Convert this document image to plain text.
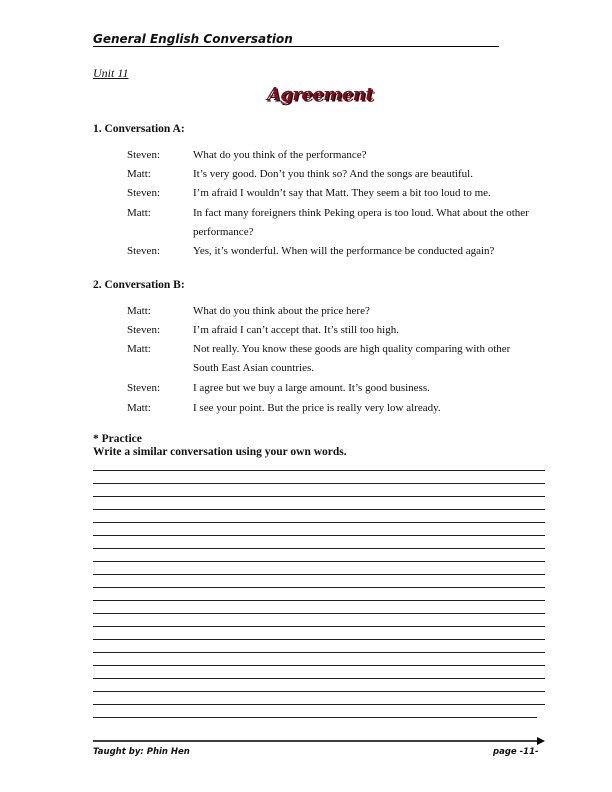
General English Conversation
Unit 11
Agreement
1. Conversation A:
Steven:	What do you think of the performance?
Matt:	It’s very good. Don’t you think so? And the songs are beautiful.
Steven:	I’m afraid I wouldn’t say that Matt. They seem a bit too loud to me.
Matt:	In fact many foreigners think Peking opera is too loud. What about the other
performance?
Steven:	Yes, it’s wonderful. When will the performance be conducted again?
2. Conversation B:
Matt:	What do you think about the price here?
Steven:	I’m afraid I can’t accept that. It’s still too high.
Matt:	Not really. You know these goods are high quality comparing with other
South East Asian countries.
Steven:	I agree but we buy a large amount. It’s good business.
Matt:	I see your point. But the price is really very low already.
* Practice
Write a similar conversation using your own words.
Taught by: Phin Hen	page -11-
